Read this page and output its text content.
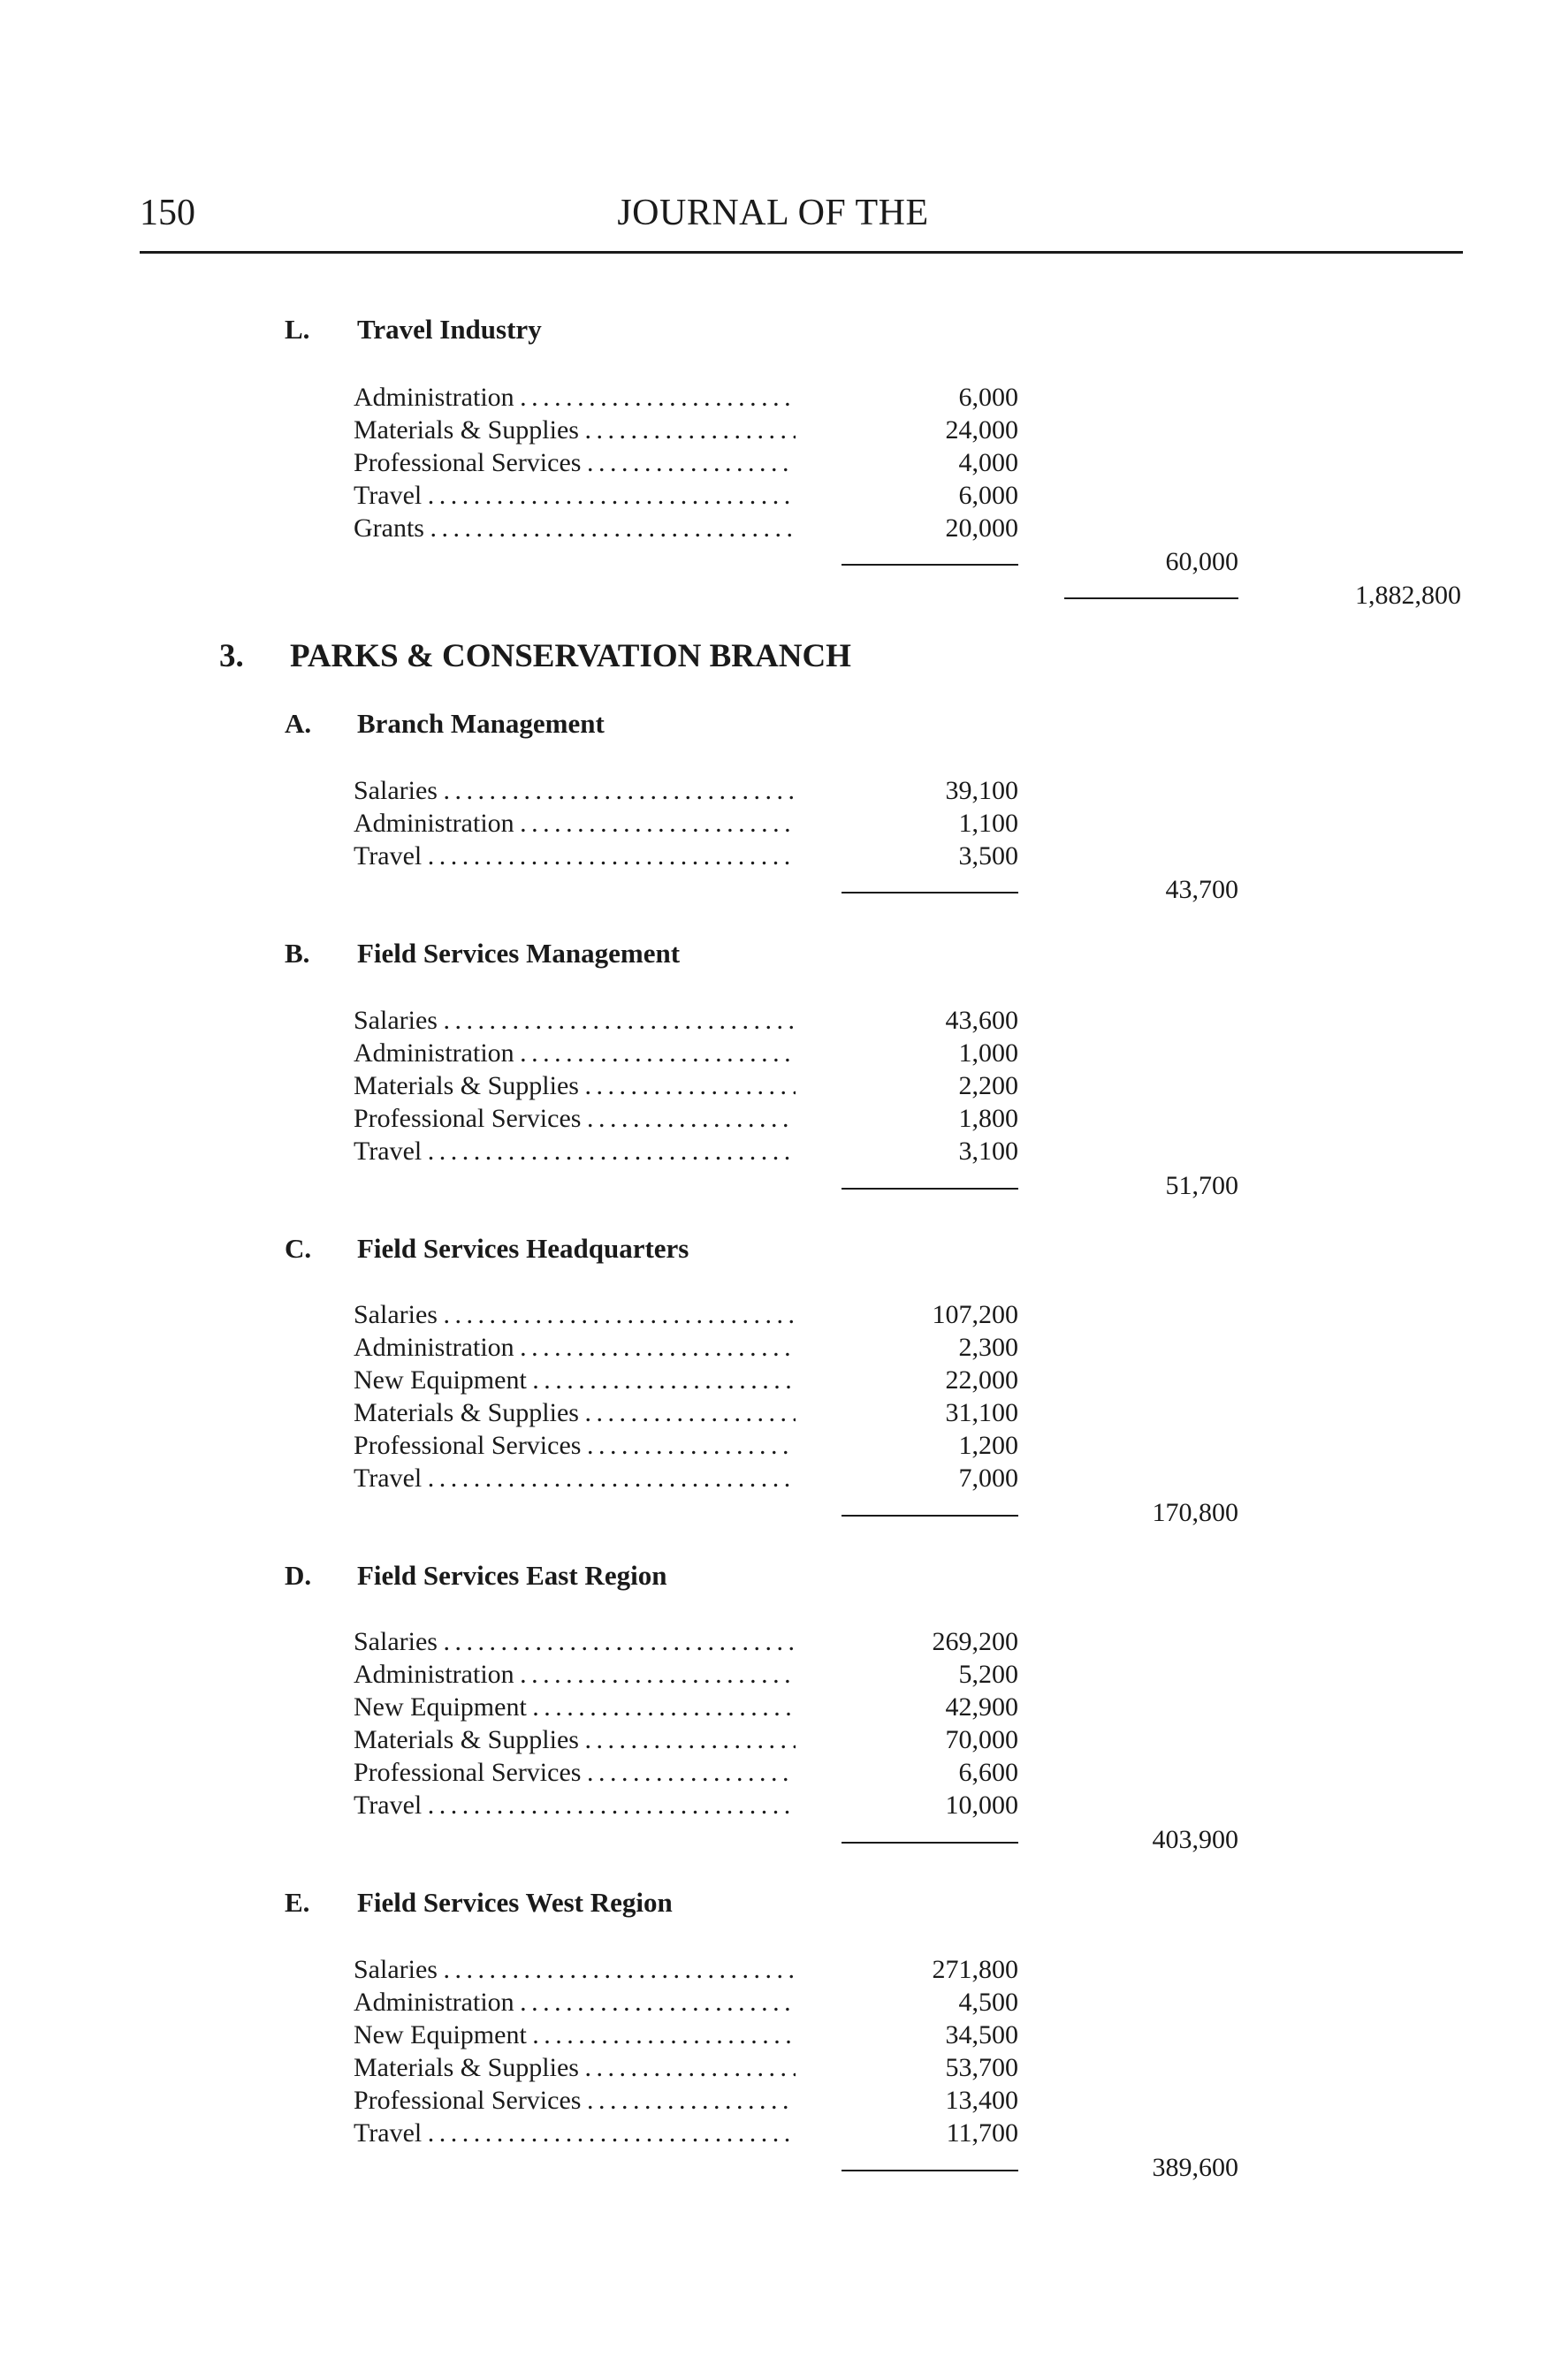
150	JOURNAL OF THE
L. Travel Industry
Administration . . .	6,000
Materials & Supplies . . .	24,000
Professional Services . . .	4,000
Travel . . .	6,000
Grants . . .	20,000
60,000
1,882,800
3. PARKS & CONSERVATION BRANCH
A. Branch Management
Salaries . . .	39,100
Administration . . .	1,100
Travel . . .	3,500
43,700
B. Field Services Management
Salaries . . .	43,600
Administration . . .	1,000
Materials & Supplies . . .	2,200
Professional Services . . .	1,800
Travel . . .	3,100
51,700
C. Field Services Headquarters
Salaries . . .	107,200
Administration . . .	2,300
New Equipment . . .	22,000
Materials & Supplies . . .	31,100
Professional Services . . .	1,200
Travel . . .	7,000
170,800
D. Field Services East Region
Salaries . . .	269,200
Administration . . .	5,200
New Equipment . . .	42,900
Materials & Supplies . . .	70,000
Professional Services . . .	6,600
Travel . . .	10,000
403,900
E. Field Services West Region
Salaries . . .	271,800
Administration . . .	4,500
New Equipment . . .	34,500
Materials & Supplies . . .	53,700
Professional Services . . .	13,400
Travel . . .	11,700
389,600
